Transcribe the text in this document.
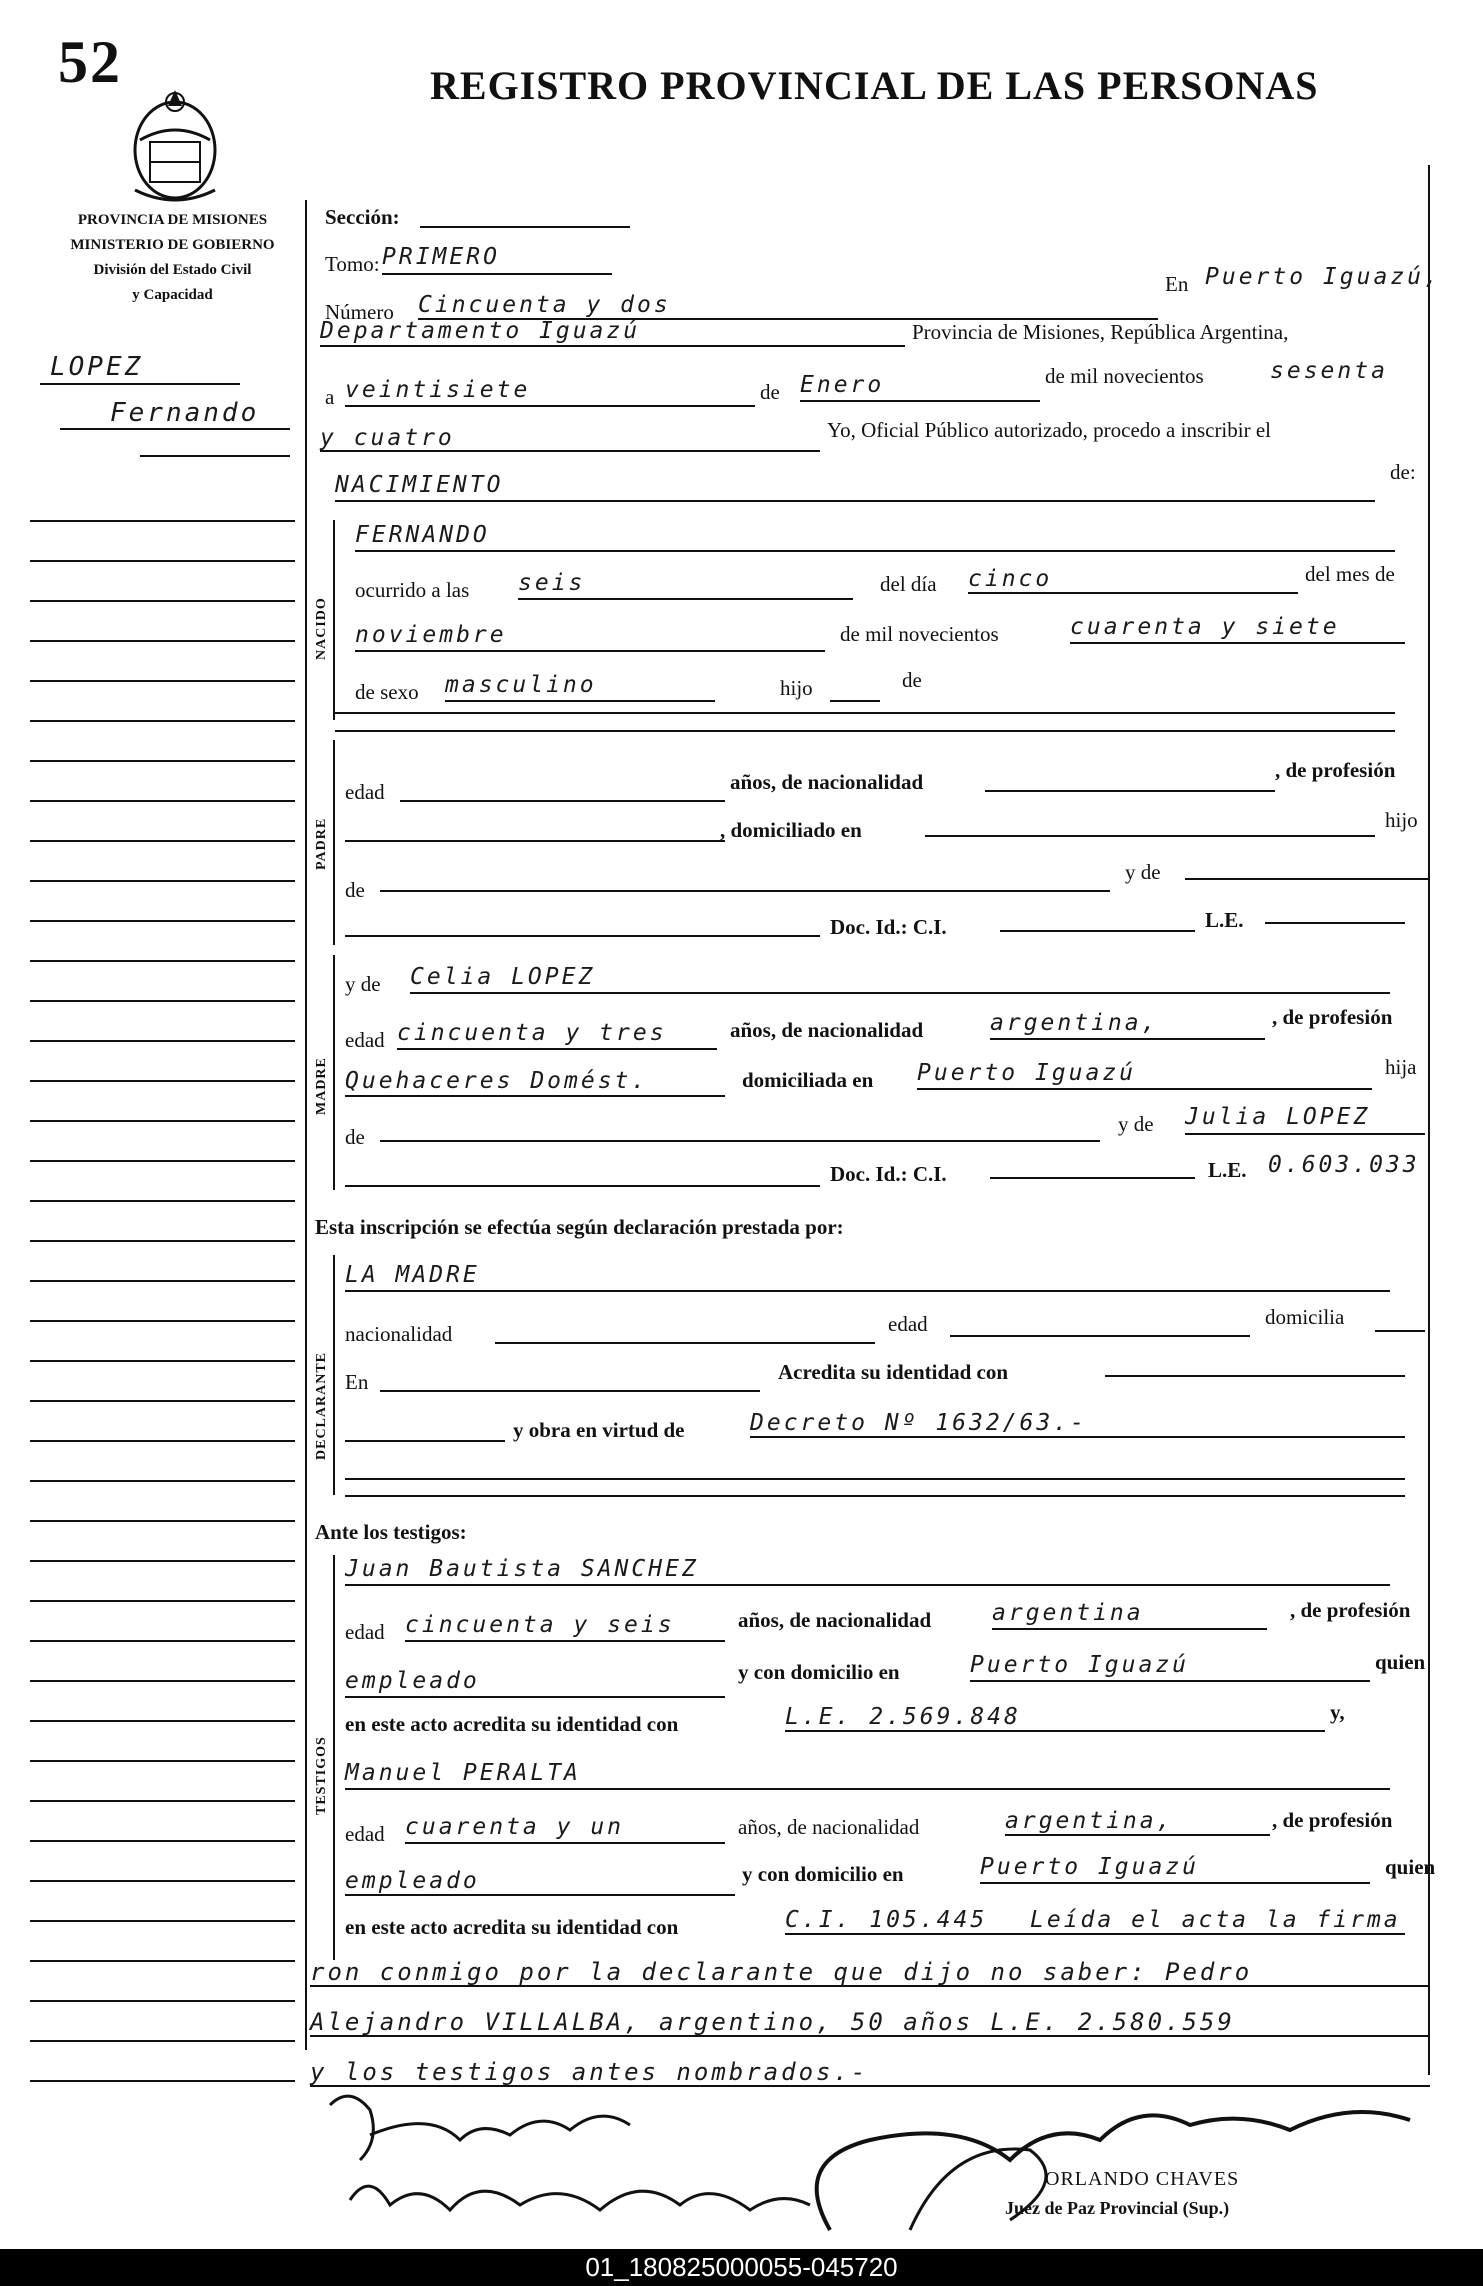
52	REGISTRO PROVINCIAL DE LAS PERSONAS
PROVINCIA DE MISIONES
MINISTERIO DE GOBIERNO
División del Estado Civil
y Capacidad
LOPEZ
Fernando
Sección:
Tomo: PRIMERO
Número Cincuenta y dos
En Puerto Iguazú,
Departamento Iguazú	Provincia de Misiones, República Argentina,
a veintisiete	de Enero	de mil novecientos	sesenta
y cuatro	Yo, Oficial Público autorizado, procedo a inscribir el
NACIMIENTO	de:
NACIDO
FERNANDO
ocurrido a las seis	del día cinco	del mes de
noviembre	de mil novecientos	cuarenta y siete
de sexo masculino	hijo	de
PADRE
edad	años, de nacionalidad	, de profesión
, domiciliado en	hijo
de
y de
Doc. Id.: C.I.	L.E.
MADRE
y de Celia LOPEZ
edad cincuenta y tres	años, de nacionalidad	argentina,	, de profesión
Quehaceres Domést.	domiciliada en Puerto Iguazú	hija
de
y de Julia LOPEZ
Doc. Id.: C.I.	L.E. 0.603.033
Esta inscripción se efectúa según declaración prestada por:
DECLARANTE
LA MADRE
nacionalidad	edad	domicilia
En	Acredita su identidad con
y obra en virtud de	Decreto Nº 1632/63.-
Ante los testigos:
TESTIGOS
Juan Bautista SANCHEZ
edad cincuenta y seis	años, de nacionalidad	argentina	, de profesión
empleado	y con domicilio en	Puerto Iguazú	quien
en este acto acredita su identidad con	L.E. 2.569.848	y,
Manuel PERALTA
edad cuarenta y un	años, de nacionalidad	argentina,	, de profesión
empleado	y con domicilio en	Puerto Iguazú	quien
en este acto acredita su identidad con	C.I. 105.445 Leída el acta la firma
ron conmigo por la declarante que dijo no saber: Pedro
Alejandro VILLALBA, argentino, 50 años L.E. 2.580.559
y los testigos antes nombrados.-
ORLANDO CHAVES
Juez de Paz Provincial (Sup.)
01_180825000055-045720
